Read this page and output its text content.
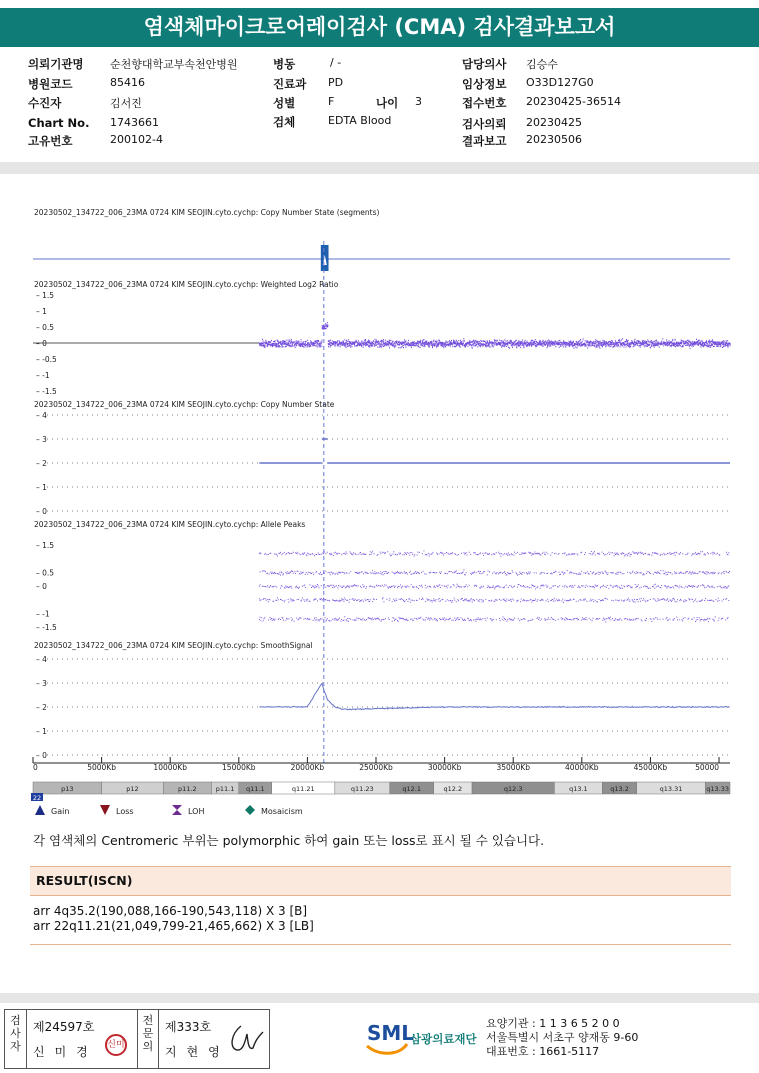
염색체마이크로어레이검사 (CMA) 검사결과보고서
의뢰기관명 순천향대학교부속천안병원	병동	/ -	담당의사 김승수
병원코드	85416	진료과 PD	임상정보 O33D127G0
수진자	김서진	성별	F	나이 3	접수번호 20230425-36514
Chart No. 1743661	검체	EDTA Blood	검사의뢰 20230425
고유번호	200102-4	결과보고 20230506
20230502_134722_006_23MA 0724 KIM SEOJIN.cyto.cychp: Copy Number State (segments)
20230502_134722_006_23MA 0724 KIM SEOJIN.cyto.cychp: Weighted Log2 Ratio
– 1.5
– 1
– 0.5
– 0
– -0.5
– -1
– -1.5
20230502_134722_006_23MA 0724 KIM SEOJIN.cyto.cychp: Copy Number State
– 4
– 3
– 2
– 1
– 0
20230502_134722_006_23MA 0724 KIM SEOJIN.cyto.cychp: Allele Peaks
– 1.5
– 0.5
– 0
– -1
– -1.5
20230502_134722_006_23MA 0724 KIM SEOJIN.cyto.cychp: SmoothSignal
– 4
– 3
– 2
– 1
– 0
0	5000Kb	10000Kb	15000Kb	20000Kb	25000Kb	30000Kb	35000Kb	40000Kb	45000Kb	50000
p13	p12	p11.2	p11.1 q11.1	q11.21	q11.23	q12.1	q12.2	q12.3	q13.1	q13.2	q13.31	q13.33
22
Gain	Loss	LOH	Mosaicism
각 염색체의 Centromeric 부위는 polymorphic 하여 gain 또는 loss로 표시 될 수 있습니다.
RESULT(ISCN)
arr 4q35.2(190,088,166-190,543,118) X 3 [B]
arr 22q11.21(21,049,799-21,465,662) X 3 [LB]
검사자
제24597호
신미경 신미
전문의
제333호
지현영
SML
삼광의료재단
요양기관 : 1 1 3 6 5 2 0 0
서울특별시 서초구 양재동 9-60
대표번호 : 1661-5117
